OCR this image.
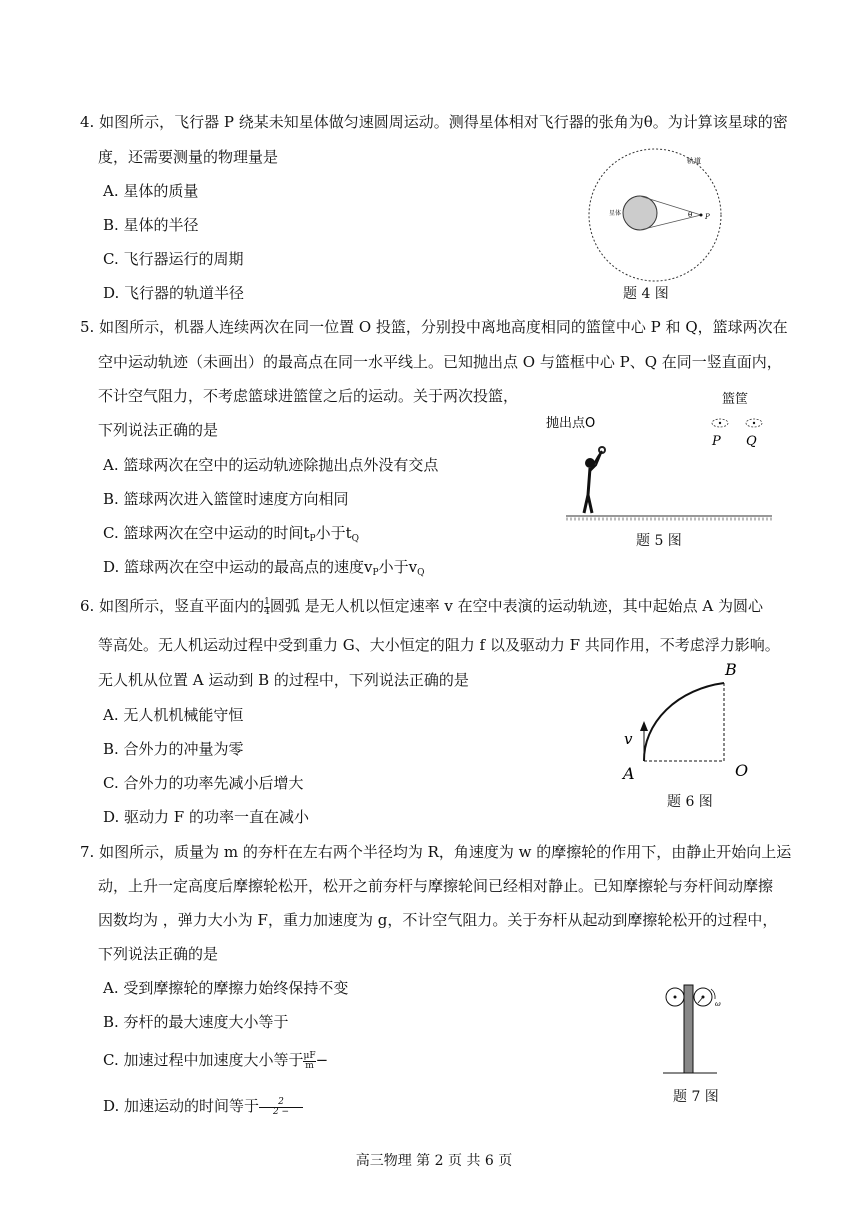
4. 如图所示，飞行器 P 绕某未知星体做匀速圆周运动。测得星体相对飞行器的张角为θ。为计算该星球的密
度，还需要测量的物理量是
A. 星体的质量
B. 星体的半径
C. 飞行器运行的周期
D. 飞行器的轨道半径
轨道
星体	θ P
题 4 图
5. 如图所示，机器人连续两次在同一位置 O 投篮，分别投中离地高度相同的篮筐中心 P 和 Q，篮球两次在
空中运动轨迹（未画出）的最高点在同一水平线上。已知抛出点 O 与篮框中心 P、Q 在同一竖直面内，
不计空气阻力，不考虑篮球进篮筐之后的运动。关于两次投篮，
下列说法正确的是
A. 篮球两次在空中的运动轨迹除抛出点外没有交点
B. 篮球两次进入篮筐时速度方向相同
C. 篮球两次在空中运动的时间$t_P$小于$t_Q$
D. 篮球两次在空中运动的最高点的速度$v_P$小于$v_Q$
篮筐
P Q
抛出点O
题 5 图
6. 如图所示，竖直平面内的 $\frac{1}{4}$ 圆弧 是无人机以恒定速率 v 在空中表演的运动轨迹，其中起始点 A 为圆心
等高处。无人机运动过程中受到重力 G、大小恒定的阻力 f 以及驱动力 F 共同作用，不考虑浮力影响。
无人机从位置 A 运动到 B 的过程中，下列说法正确的是
A. 无人机机械能守恒
B. 合外力的冲量为零
C. 合外力的功率先减小后增大
D. 驱动力 F 的功率一直在减小
v
B
A	O
题 6 图
7. 如图所示，质量为 m 的夯杆在左右两个半径均为 R，角速度为 w 的摩擦轮的作用下，由静止开始向上运
动，上升一定高度后摩擦轮松开，松开之前夯杆与摩擦轮间已经相对静止。已知摩擦轮与夯杆间动摩擦
因数均为 ，弹力大小为 F，重力加速度为 g，不计空气阻力。关于夯杆从起动到摩擦轮松开的过程中，
下列说法正确的是
A. 受到摩擦轮的摩擦力始终保持不变
B. 夯杆的最大速度大小等于
C. 加速过程中加速度大小等于 $\frac{\mu F}{m}$ −
D. 加速运动的时间等于 $\frac{2}{2 -}$
ω
题 7 图
高三物理 第 2 页 共 6 页
